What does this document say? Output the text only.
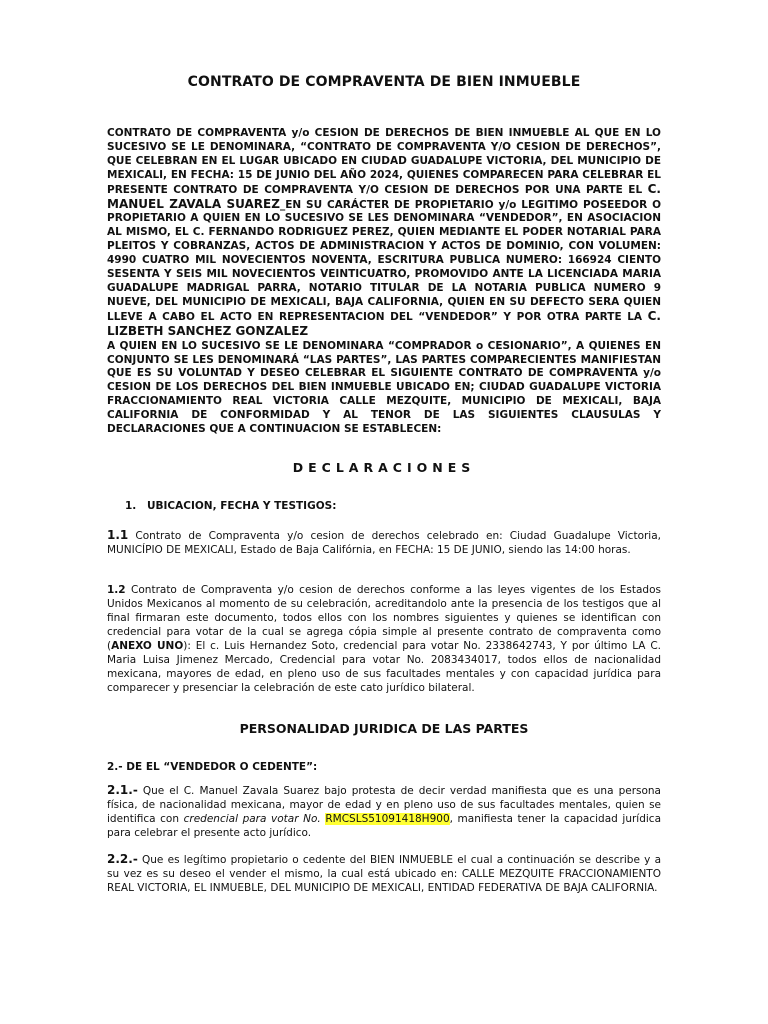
CONTRATO DE COMPRAVENTA DE BIEN INMUEBLE

CONTRATO DE COMPRAVENTA y/o CESION DE DERECHOS DE BIEN INMUEBLE AL QUE EN LO SUCESIVO SE LE DENOMINARA, “CONTRATO DE COMPRAVENTA Y/O CESION DE DERECHOS”, QUE CELEBRAN EN EL LUGAR UBICADO EN CIUDAD GUADALUPE VICTORIA, DEL MUNICIPIO DE MEXICALI, EN FECHA: 15 DE JUNIO DEL AÑO 2024, QUIENES COMPARECEN PARA CELEBRAR EL PRESENTE CONTRATO DE COMPRAVENTA Y/O CESION DE DERECHOS POR UNA PARTE EL C. MANUEL ZAVALA SUAREZ_EN SU CARÁCTER DE PROPIETARIO y/o LEGITIMO POSEEDOR O PROPIETARIO A QUIEN EN LO SUCESIVO SE LES DENOMINARA “VENDEDOR”, EN ASOCIACION AL MISMO, EL C. FERNANDO RODRIGUEZ PEREZ, QUIEN MEDIANTE EL PODER NOTARIAL PARA PLEITOS Y COBRANZAS, ACTOS DE ADMINISTRACION Y ACTOS DE DOMINIO, CON VOLUMEN: 4990 CUATRO MIL NOVECIENTOS NOVENTA, ESCRITURA PUBLICA NUMERO: 166924 CIENTO SESENTA Y SEIS MIL NOVECIENTOS VEINTICUATRO, PROMOVIDO ANTE LA LICENCIADA MARIA GUADALUPE MADRIGAL PARRA, NOTARIO TITULAR DE LA NOTARIA PUBLICA NUMERO 9 NUEVE, DEL MUNICIPIO DE MEXICALI, BAJA CALIFORNIA, QUIEN EN SU DEFECTO SERA QUIEN LLEVE A CABO EL ACTO EN REPRESENTACION DEL “VENDEDOR” Y POR OTRA PARTE LA C. LIZBETH SANCHEZ GONZALEZ

A QUIEN EN LO SUCESIVO SE LE DENOMINARA “COMPRADOR o CESIONARIO”, A QUIENES EN CONJUNTO SE LES DENOMINARÁ “LAS PARTES”, LAS PARTES COMPARECIENTES MANIFIESTAN QUE ES SU VOLUNTAD Y DESEO CELEBRAR EL SIGUIENTE CONTRATO DE COMPRAVENTA y/o CESION DE LOS DERECHOS DEL BIEN INMUEBLE UBICADO EN; CIUDAD GUADALUPE VICTORIA FRACCIONAMIENTO REAL VICTORIA CALLE MEZQUITE, MUNICIPIO DE MEXICALI, BAJA CALIFORNIA DE CONFORMIDAD Y AL TENOR DE LAS SIGUIENTES CLAUSULAS Y DECLARACIONES QUE A CONTINUACION SE ESTABLECEN:

DECLARACIONES
1. UBICACION, FECHA Y TESTIGOS:
1.1 Contrato de Compraventa y/o cesion de derechos celebrado en: Ciudad Guadalupe Victoria, MUNICÍPIO DE MEXICALI, Estado de Baja Califórnia, en FECHA: 15 DE JUNIO, siendo las 14:00 horas.
1.2 Contrato de Compraventa y/o cesion de derechos conforme a las leyes vigentes de los Estados Unidos Mexicanos al momento de su celebración, acreditandolo ante la presencia de los testigos que al final firmaran este documento, todos ellos con los nombres siguientes y quienes se identifican con credencial para votar de la cual se agrega cópia simple al presente contrato de compraventa como (ANEXO UNO): El c. Luis Hernandez Soto, credencial para votar No. 2338642743, Y por último LA C. Maria Luisa Jimenez Mercado, Credencial para votar No. 2083434017, todos ellos de nacionalidad mexicana, mayores de edad, en pleno uso de sus facultades mentales y con capacidad jurídica para comparecer y presenciar la celebración de este cato jurídico bilateral.
PERSONALIDAD JURIDICA DE LAS PARTES
2.- DE EL “VENDEDOR O CEDENTE”:
2.1.- Que el C. Manuel Zavala Suarez bajo protesta de decir verdad manifiesta que es una persona física, de nacionalidad mexicana, mayor de edad y en pleno uso de sus facultades mentales, quien se identifica con credencial para votar No. RMCSLS51091418H900, manifiesta tener la capacidad jurídica para celebrar el presente acto jurídico.
2.2.- Que es legítimo propietario o cedente del BIEN INMUEBLE el cual a continuación se describe y a su vez es su deseo el vender el mismo, la cual está ubicado en: CALLE MEZQUITE FRACCIONAMIENTO REAL VICTORIA, EL INMUEBLE, DEL MUNICIPIO DE MEXICALI, ENTIDAD FEDERATIVA DE BAJA CALIFORNIA.
